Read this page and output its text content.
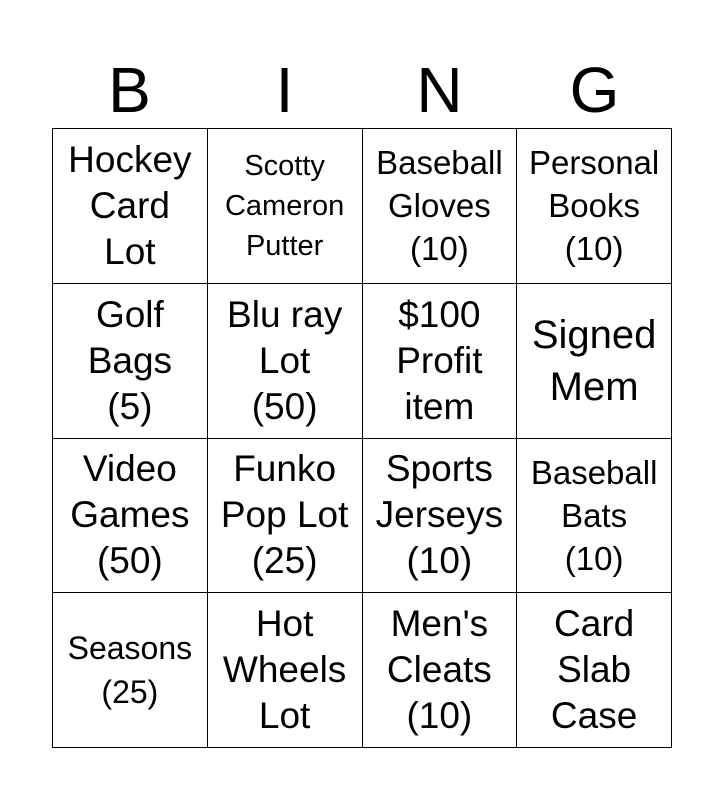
B	I	N	G
Hockey
Card
Lot
Scotty
Cameron
Putter
Baseball
Gloves
(10)
Personal
Books
(10)
Golf
Bags
(5)
Blu ray
Lot
(50)
$100
Profit
item
Signed
Mem
Video
Games
(50)
Funko
Pop Lot
(25)
Sports
Jerseys
(10)
Baseball
Bats
(10)
Seasons
(25)
Hot
Wheels
Lot
Men's
Cleats
(10)
Card
Slab
Case
